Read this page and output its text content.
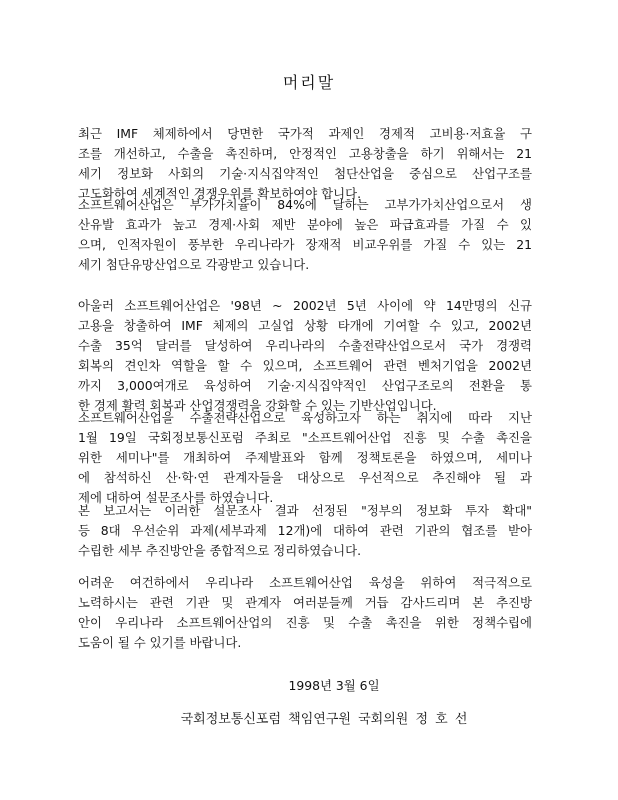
머리말
최근 IMF 체제하에서 당면한 국가적 과제인 경제적 고비용·저효율 구
조를 개선하고, 수출을 촉진하며, 안정적인 고용창출을 하기 위해서는 21
세기 정보화 사회의 기술·지식집약적인 첨단산업을 중심으로 산업구조를
고도화하여 세계적인 경쟁우위를 확보하여야 합니다.
소프트웨어산업은 부가가치율이 84%에 달하는 고부가가치산업으로서 생
산유발 효과가 높고 경제·사회 제반 분야에 높은 파급효과를 가질 수 있
으며, 인적자원이 풍부한 우리나라가 장재적 비교우위를 가질 수 있는 21
세기 첨단유망산업으로 각광받고 있습니다.
아울러 소프트웨어산업은 '98년 ~ 2002년 5년 사이에 약 14만명의 신규
고용을 창출하여 IMF 체제의 고실업 상황 타개에 기여할 수 있고, 2002년
수출 35억 달러를 달성하여 우리나라의 수출전략산업으로서 국가 경쟁력
회복의 견인차 역할을 할 수 있으며, 소프트웨어 관련 벤처기업을 2002년
까지 3,000여개로 육성하여 기술·지식집약적인 산업구조로의 전환을 통
한 경제 활력 회복과 산업경쟁력을 강화할 수 있는 기반산업입니다.
소프트웨어산업을 수출전략산업으로 육성하고자 하는 취지에 따라 지난
1월 19일 국회정보통신포럼 주최로 "소프트웨어산업 진흥 및 수출 촉진을
위한 세미나"를 개최하여 주제발표와 함께 정책토론을 하였으며, 세미나
에 참석하신 산·학·연 관계자들을 대상으로 우선적으로 추진해야 될 과
제에 대하여 설문조사를 하였습니다.
본 보고서는 이러한 설문조사 결과 선정된 "정부의 정보화 투자 확대"
등 8대 우선순위 과제(세부과제 12개)에 대하여 관련 기관의 협조를 받아
수립한 세부 추진방안을 종합적으로 정리하였습니다.
어려운 여건하에서 우리나라 소프트웨어산업 육성을 위하여 적극적으로
노력하시는 관련 기관 및 관계자 여러분들께 거듭 감사드리며 본 추진방
안이 우리나라 소프트웨어산업의 진흥 및 수출 촉진을 위한 정책수립에
도움이 될 수 있기를 바랍니다.
1998년 3월 6일
국회정보통신포럼 책임연구원 국회의원 정 호 선
